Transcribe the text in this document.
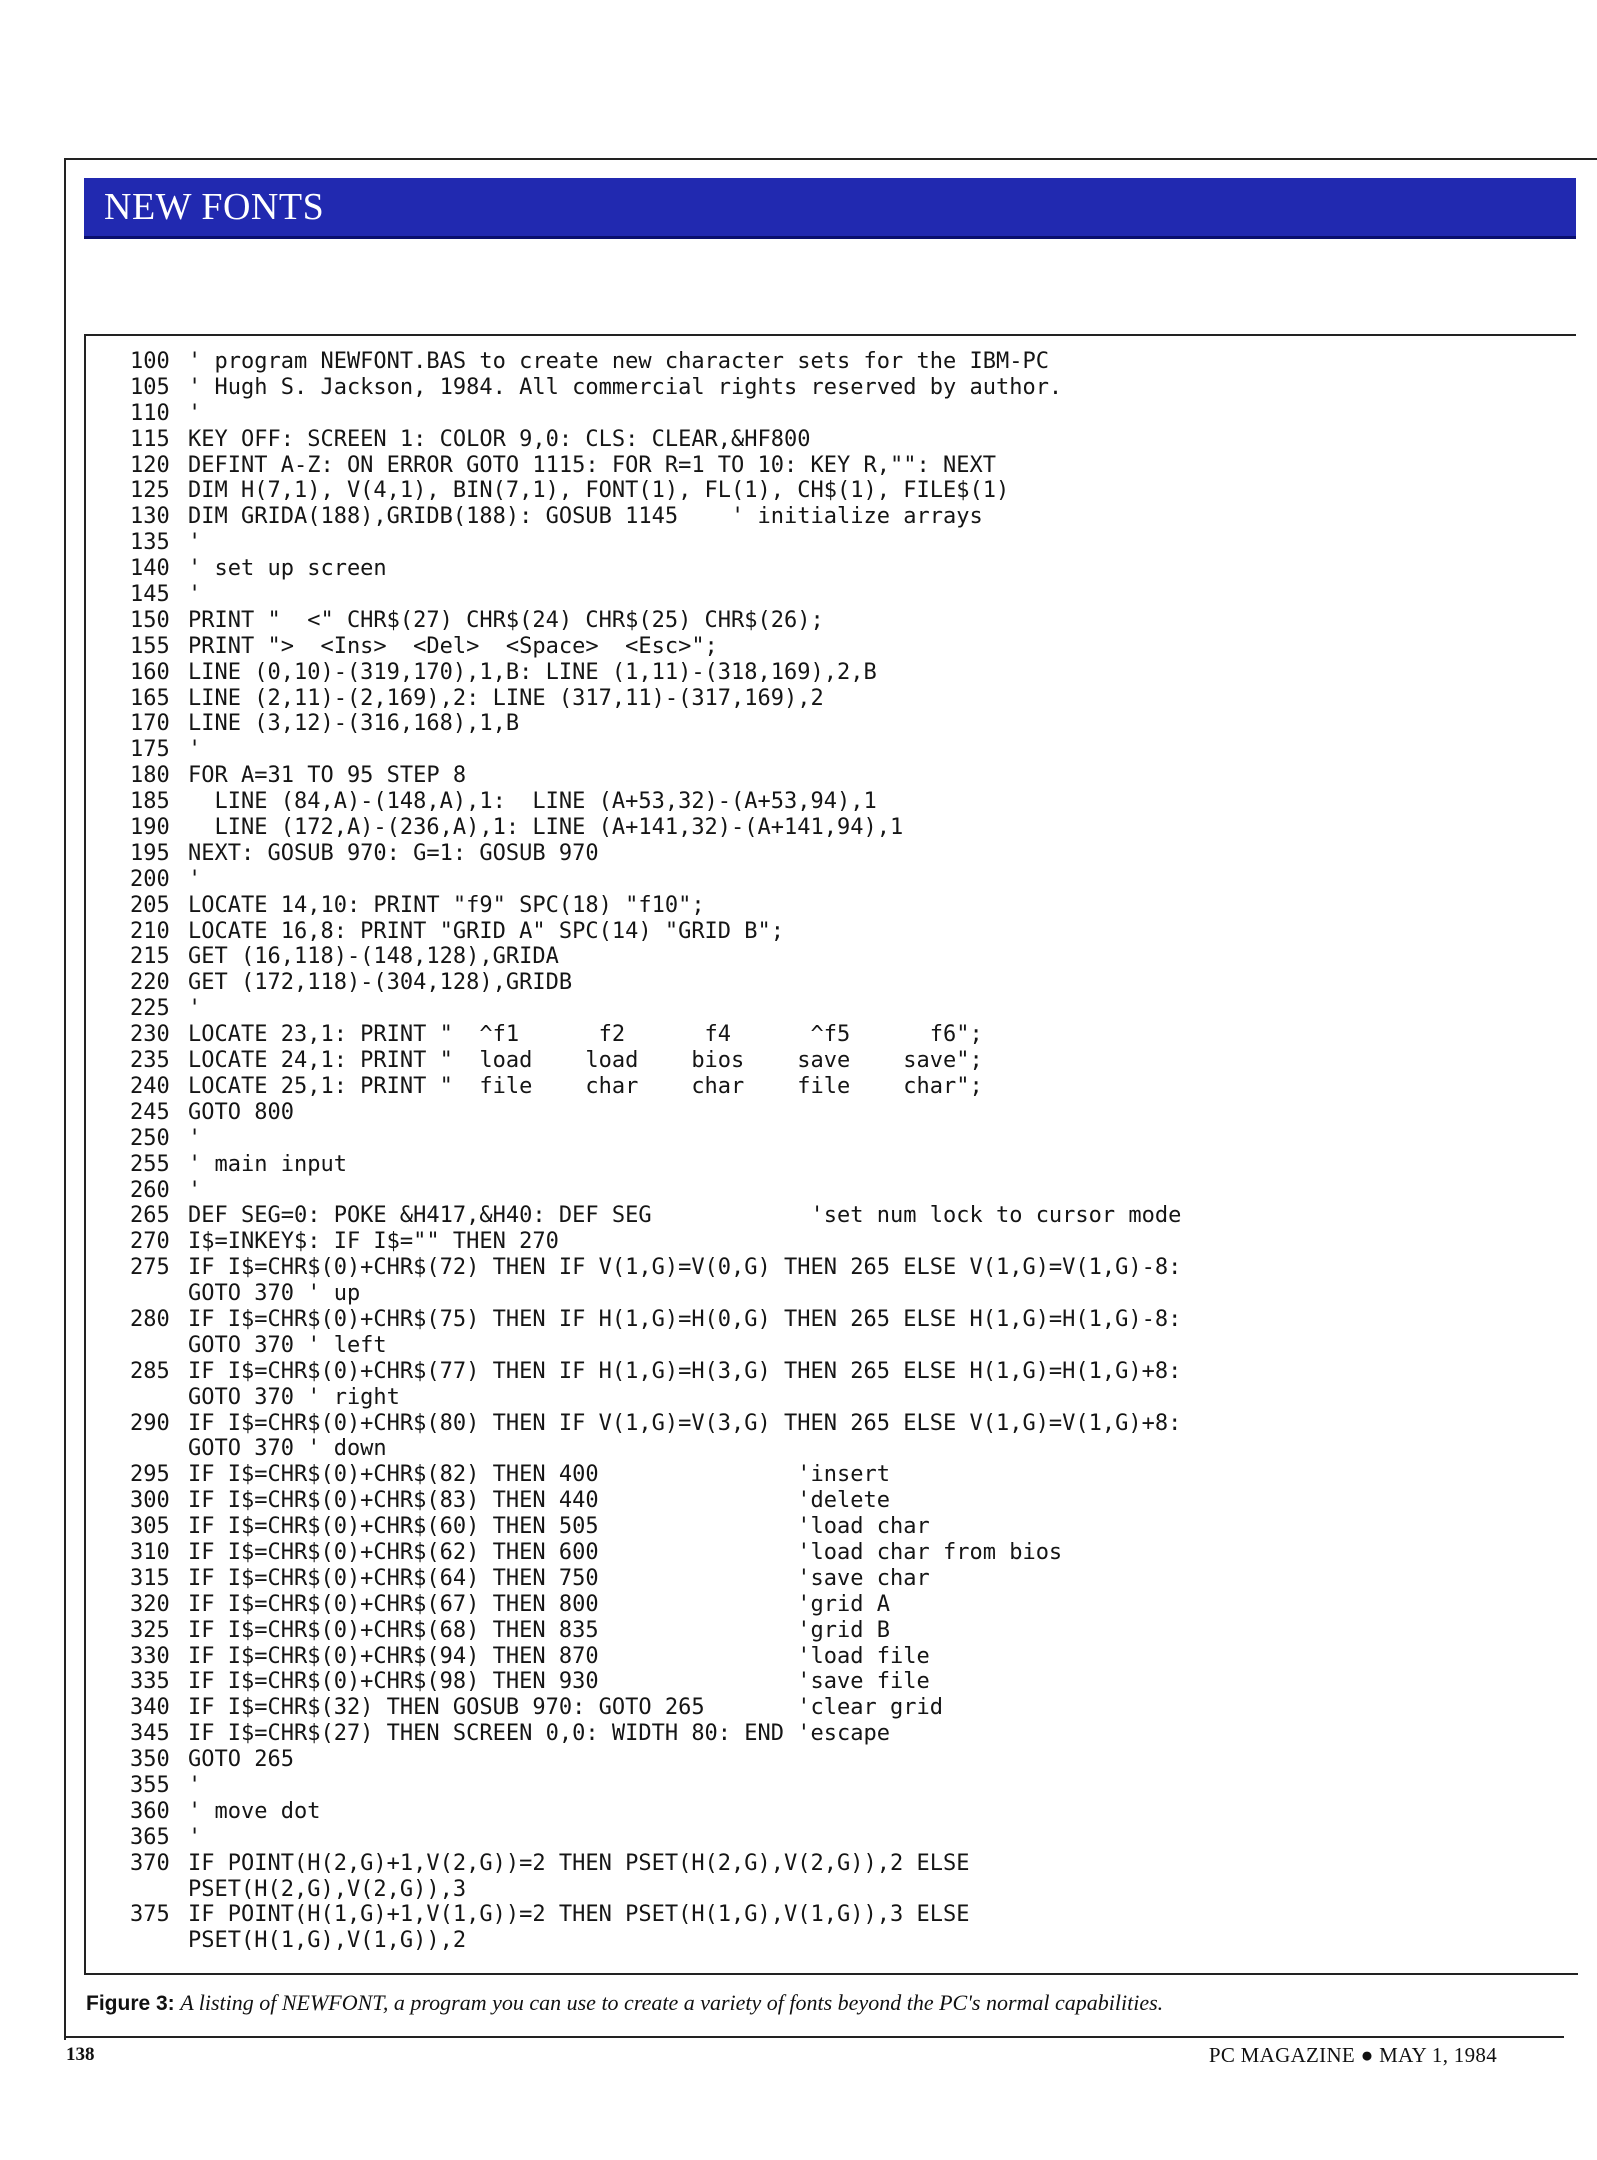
NEW FONTS
100 ' program NEWFONT.BAS to create new character sets for the IBM-PC
105 ' Hugh S. Jackson, 1984. All commercial rights reserved by author.
110 '
115 KEY OFF: SCREEN 1: COLOR 9,0: CLS: CLEAR,&HF800
120 DEFINT A-Z: ON ERROR GOTO 1115: FOR R=1 TO 10: KEY R,"": NEXT
125 DIM H(7,1), V(4,1), BIN(7,1), FONT(1), FL(1), CH$(1), FILE$(1)
130 DIM GRIDA(188),GRIDB(188): GOSUB 1145    ' initialize arrays
135 '
140 ' set up screen
145 '
150 PRINT "  <" CHR$(27) CHR$(24) CHR$(25) CHR$(26);
155 PRINT ">  <Ins>  <Del>  <Space>  <Esc>";
160 LINE (0,10)-(319,170),1,B: LINE (1,11)-(318,169),2,B
165 LINE (2,11)-(2,169),2: LINE (317,11)-(317,169),2
170 LINE (3,12)-(316,168),1,B
175 '
180 FOR A=31 TO 95 STEP 8
185 LINE (84,A)-(148,A),1:  LINE (A+53,32)-(A+53,94),1
190 LINE (172,A)-(236,A),1: LINE (A+141,32)-(A+141,94),1
195 NEXT: GOSUB 970: G=1: GOSUB 970
200 '
205 LOCATE 14,10: PRINT "f9" SPC(18) "f10";
210 LOCATE 16,8: PRINT "GRID A" SPC(14) "GRID B";
215 GET (16,118)-(148,128),GRIDA
220 GET (172,118)-(304,128),GRIDB
225 '
230 LOCATE 23,1: PRINT "  ^f1      f2      f4      ^f5      f6";
235 LOCATE 24,1: PRINT "  load    load    bios    save    save";
240 LOCATE 25,1: PRINT "  file    char    char    file    char";
245 GOTO 800
250 '
255 ' main input
260 '
265 DEF SEG=0: POKE &H417,&H40: DEF SEG            'set num lock to cursor mode
270 I$=INKEY$: IF I$="" THEN 270
275 IF I$=CHR$(0)+CHR$(72) THEN IF V(1,G)=V(0,G) THEN 265 ELSE V(1,G)=V(1,G)-8:
GOTO 370 ' up
280 IF I$=CHR$(0)+CHR$(75) THEN IF H(1,G)=H(0,G) THEN 265 ELSE H(1,G)=H(1,G)-8:
GOTO 370 ' left
285 IF I$=CHR$(0)+CHR$(77) THEN IF H(1,G)=H(3,G) THEN 265 ELSE H(1,G)=H(1,G)+8:
GOTO 370 ' right
290 IF I$=CHR$(0)+CHR$(80) THEN IF V(1,G)=V(3,G) THEN 265 ELSE V(1,G)=V(1,G)+8:
GOTO 370 ' down
295 IF I$=CHR$(0)+CHR$(82) THEN 400               'insert
300 IF I$=CHR$(0)+CHR$(83) THEN 440               'delete
305 IF I$=CHR$(0)+CHR$(60) THEN 505               'load char
310 IF I$=CHR$(0)+CHR$(62) THEN 600               'load char from bios
315 IF I$=CHR$(0)+CHR$(64) THEN 750               'save char
320 IF I$=CHR$(0)+CHR$(67) THEN 800               'grid A
325 IF I$=CHR$(0)+CHR$(68) THEN 835               'grid B
330 IF I$=CHR$(0)+CHR$(94) THEN 870               'load file
335 IF I$=CHR$(0)+CHR$(98) THEN 930               'save file
340 IF I$=CHR$(32) THEN GOSUB 970: GOTO 265       'clear grid
345 IF I$=CHR$(27) THEN SCREEN 0,0: WIDTH 80: END 'escape
350 GOTO 265
355 '
360 ' move dot
365 '
370 IF POINT(H(2,G)+1,V(2,G))=2 THEN PSET(H(2,G),V(2,G)),2 ELSE
PSET(H(2,G),V(2,G)),3
375 IF POINT(H(1,G)+1,V(1,G))=2 THEN PSET(H(1,G),V(1,G)),3 ELSE
PSET(H(1,G),V(1,G)),2
Figure 3: A listing of NEWFONT, a program you can use to create a variety of fonts beyond the PC's normal capabilities.
138	PC MAGAZINE ● MAY 1, 1984
